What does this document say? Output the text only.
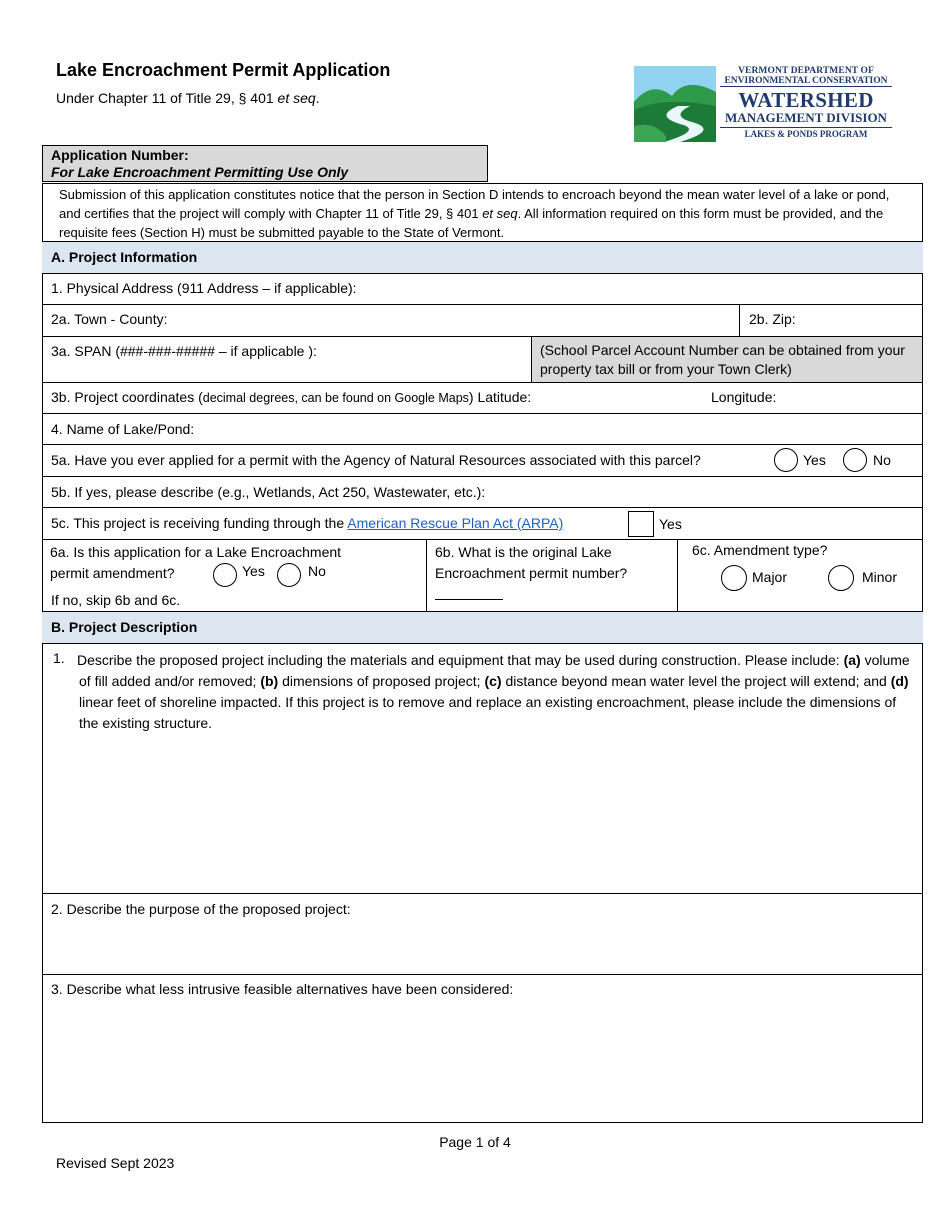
Lake Encroachment Permit Application
Under Chapter 11 of Title 29, § 401 et seq.
VERMONT DEPARTMENT OF
ENVIRONMENTAL CONSERVATION
WATERSHED
MANAGEMENT DIVISION
LAKES & PONDS PROGRAM
Application Number:
For Lake Encroachment Permitting Use Only
Submission of this application constitutes notice that the person in Section D intends to encroach beyond the mean water level of a lake or pond, and certifies that the project will comply with Chapter 11 of Title 29, § 401 et seq. All information required on this form must be provided, and the requisite fees (Section H) must be submitted payable to the State of Vermont.
A. Project Information
1. Physical Address (911 Address – if applicable):
2a. Town - County:	2b. Zip:
3a. SPAN (###-###-##### – if applicable ):	(School Parcel Account Number can be obtained from your property tax bill or from your Town Clerk)
3b. Project coordinates (decimal degrees, can be found on Google Maps) Latitude:	Longitude:
4. Name of Lake/Pond:
5a. Have you ever applied for a permit with the Agency of Natural Resources associated with this parcel?	Yes	No
5b. If yes, please describe (e.g., Wetlands, Act 250, Wastewater, etc.):
5c. This project is receiving funding through the American Rescue Plan Act (ARPA)	Yes
6a. Is this application for a Lake Encroachment
permit amendment?	Yes	No
If no, skip 6b and 6c.
6b. What is the original Lake
Encroachment permit number?
6c. Amendment type?
Major	Minor
B. Project Description
1. Describe the proposed project including the materials and equipment that may be used during construction. Please include: (a) volume of fill added and/or removed; (b) dimensions of proposed project; (c) distance beyond mean water level the project will extend; and (d) linear feet of shoreline impacted. If this project is to remove and replace an existing encroachment, please include the dimensions of the existing structure.
2. Describe the purpose of the proposed project:
3. Describe what less intrusive feasible alternatives have been considered:
Page 1 of 4
Revised Sept 2023
